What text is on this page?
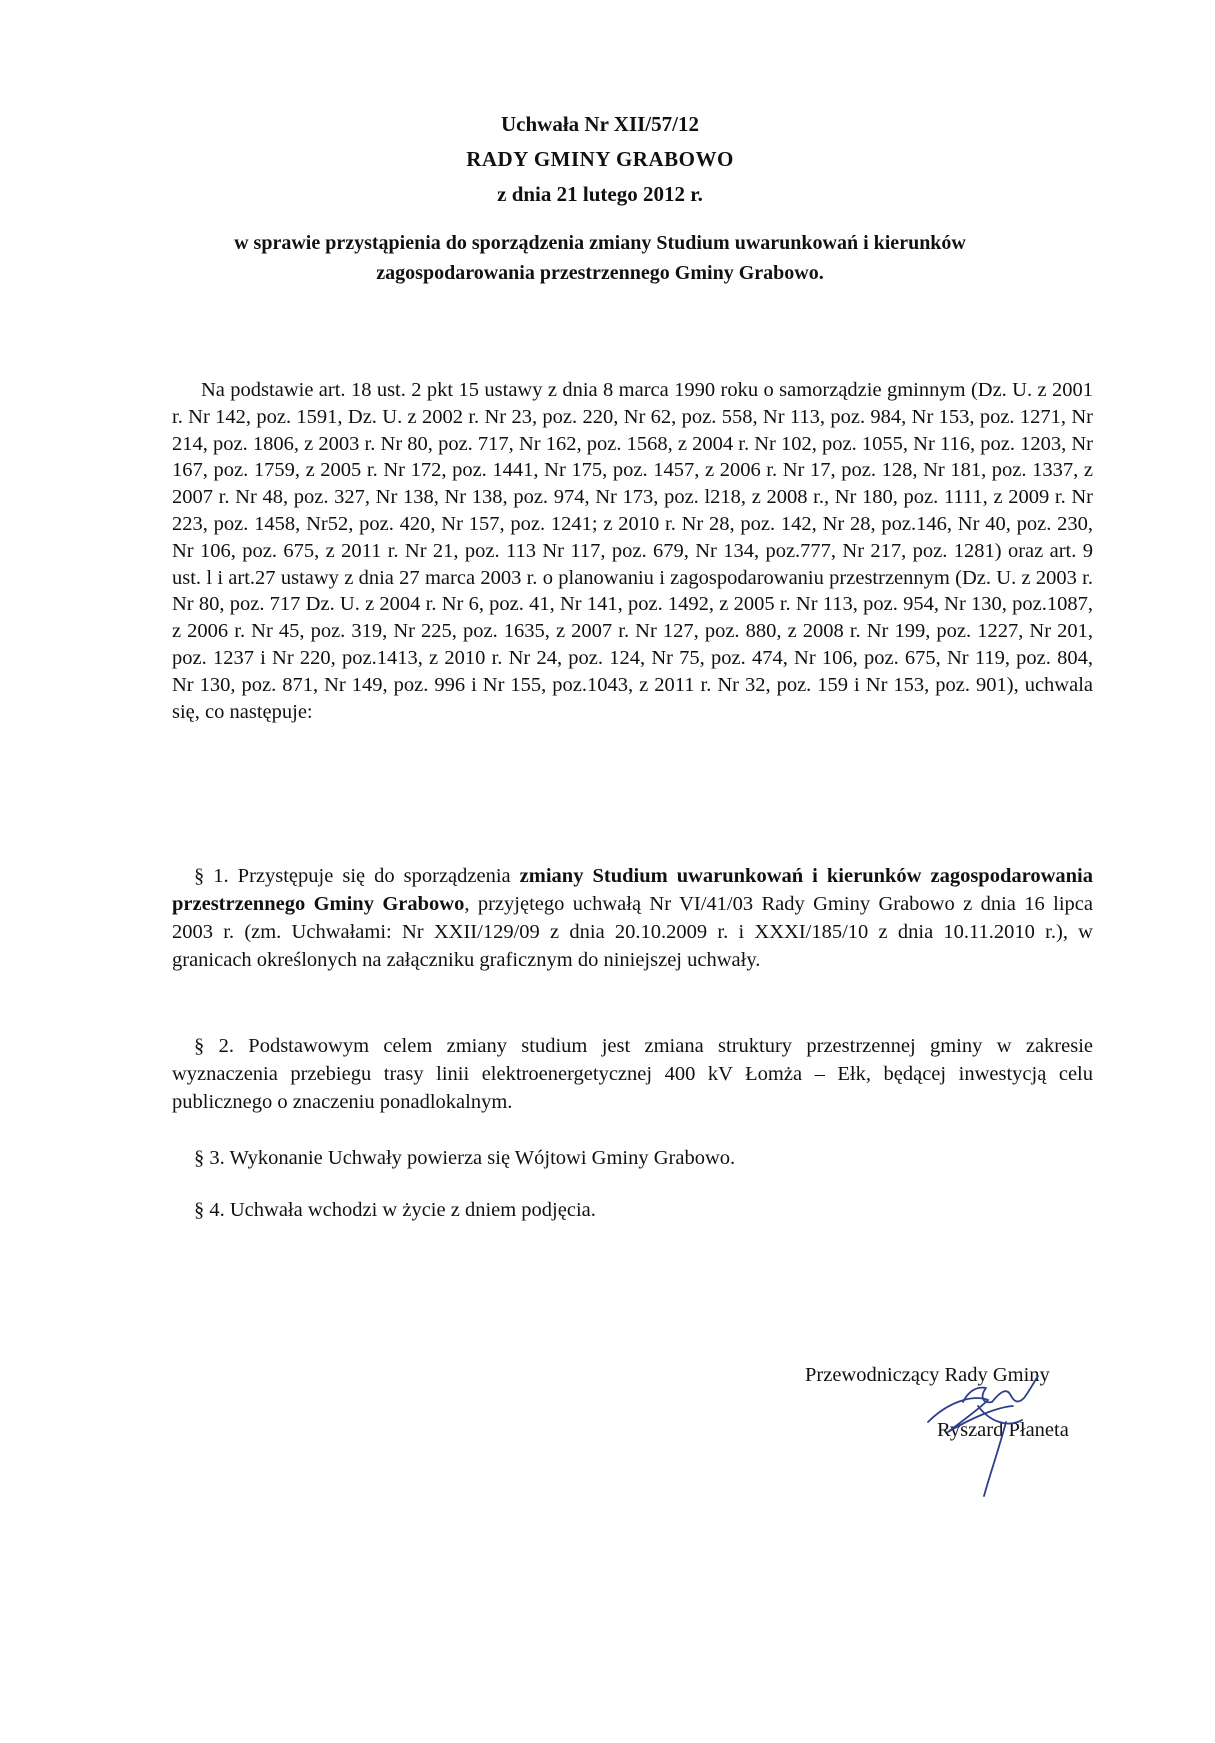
Uchwała Nr XII/57/12
RADY GMINY GRABOWO
z dnia 21 lutego 2012 r.
w sprawie przystąpienia do sporządzenia zmiany Studium uwarunkowań i kierunków
zagospodarowania przestrzennego Gminy Grabowo.
Na podstawie art. 18 ust. 2 pkt 15 ustawy z dnia 8 marca 1990 roku o samorządzie gminnym (Dz. U. z 2001 r. Nr 142, poz. 1591, Dz. U. z 2002 r. Nr 23, poz. 220, Nr 62, poz. 558, Nr 113, poz. 984, Nr 153, poz. 1271, Nr 214, poz. 1806, z 2003 r. Nr 80, poz. 717, Nr 162, poz. 1568, z 2004 r. Nr 102, poz. 1055, Nr 116, poz. 1203, Nr 167, poz. 1759, z 2005 r. Nr 172, poz. 1441, Nr 175, poz. 1457, z 2006 r. Nr 17, poz. 128, Nr 181, poz. 1337, z 2007 r. Nr 48, poz. 327, Nr 138, Nr 138, poz. 974, Nr 173, poz. l218, z 2008 r., Nr 180, poz. 1111, z 2009 r. Nr 223, poz. 1458, Nr52, poz. 420, Nr 157, poz. 1241; z 2010 r. Nr 28, poz. 142, Nr 28, poz.146, Nr 40, poz. 230, Nr 106, poz. 675, z 2011 r. Nr 21, poz. 113 Nr 117, poz. 679, Nr 134, poz.777, Nr 217, poz. 1281) oraz art. 9 ust. l i art.27 ustawy z dnia 27 marca 2003 r. o planowaniu i zagospodarowaniu przestrzennym (Dz. U. z 2003 r. Nr 80, poz. 717 Dz. U. z 2004 r. Nr 6, poz. 41, Nr 141, poz. 1492, z 2005 r. Nr 113, poz. 954, Nr 130, poz.1087, z 2006 r. Nr 45, poz. 319, Nr 225, poz. 1635, z 2007 r. Nr 127, poz. 880, z 2008 r. Nr 199, poz. 1227, Nr 201, poz. 1237 i Nr 220, poz.1413, z 2010 r. Nr 24, poz. 124, Nr 75, poz. 474, Nr 106, poz. 675, Nr 119, poz. 804, Nr 130, poz. 871, Nr 149, poz. 996 i Nr 155, poz.1043, z 2011 r. Nr 32, poz. 159 i Nr 153, poz. 901), uchwala się, co następuje:
§ 1. Przystępuje się do sporządzenia zmiany Studium uwarunkowań i kierunków zagospodarowania przestrzennego Gminy Grabowo, przyjętego uchwałą Nr VI/41/03 Rady Gminy Grabowo z dnia 16 lipca 2003 r. (zm. Uchwałami: Nr XXII/129/09 z dnia 20.10.2009 r. i XXXI/185/10 z dnia 10.11.2010 r.), w granicach określonych na załączniku graficznym do niniejszej uchwały.
§ 2. Podstawowym celem zmiany studium jest zmiana struktury przestrzennej gminy w zakresie wyznaczenia przebiegu trasy linii elektroenergetycznej 400 kV Łomża – Ełk, będącej inwestycją celu publicznego o znaczeniu ponadlokalnym.
§ 3. Wykonanie Uchwały powierza się Wójtowi Gminy Grabowo.
§ 4. Uchwała wchodzi w życie z dniem podjęcia.
Przewodniczący Rady Gminy
Ryszard Płaneta
